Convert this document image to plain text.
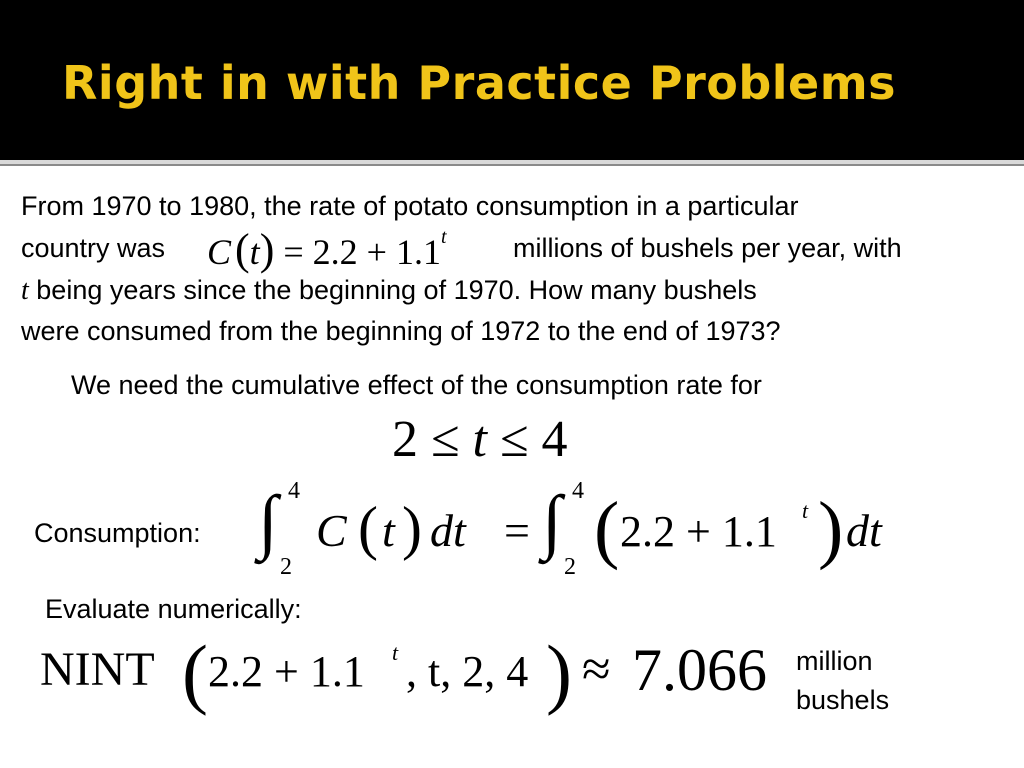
Right in with Practice Problems
From 1970 to 1980, the rate of potato consumption in a particular
country was $C(t) = 2.2 + 1.1^t$ millions of bushels per year, with
t being years since the beginning of 1970. How many bushels
were consumed from the beginning of 1972 to the end of 1973?
We need the cumulative effect of the consumption rate for
2 ≤ t ≤ 4
Consumption: ∫ 4
2
C ( t ) dt = ∫ 4
2 ( 2.2 + 1.1 t ) dt
Evaluate numerically:
NINT ( 2.2 + 1.1 t , t, 2, 4 ) ≈ 7.066 million
bushels
